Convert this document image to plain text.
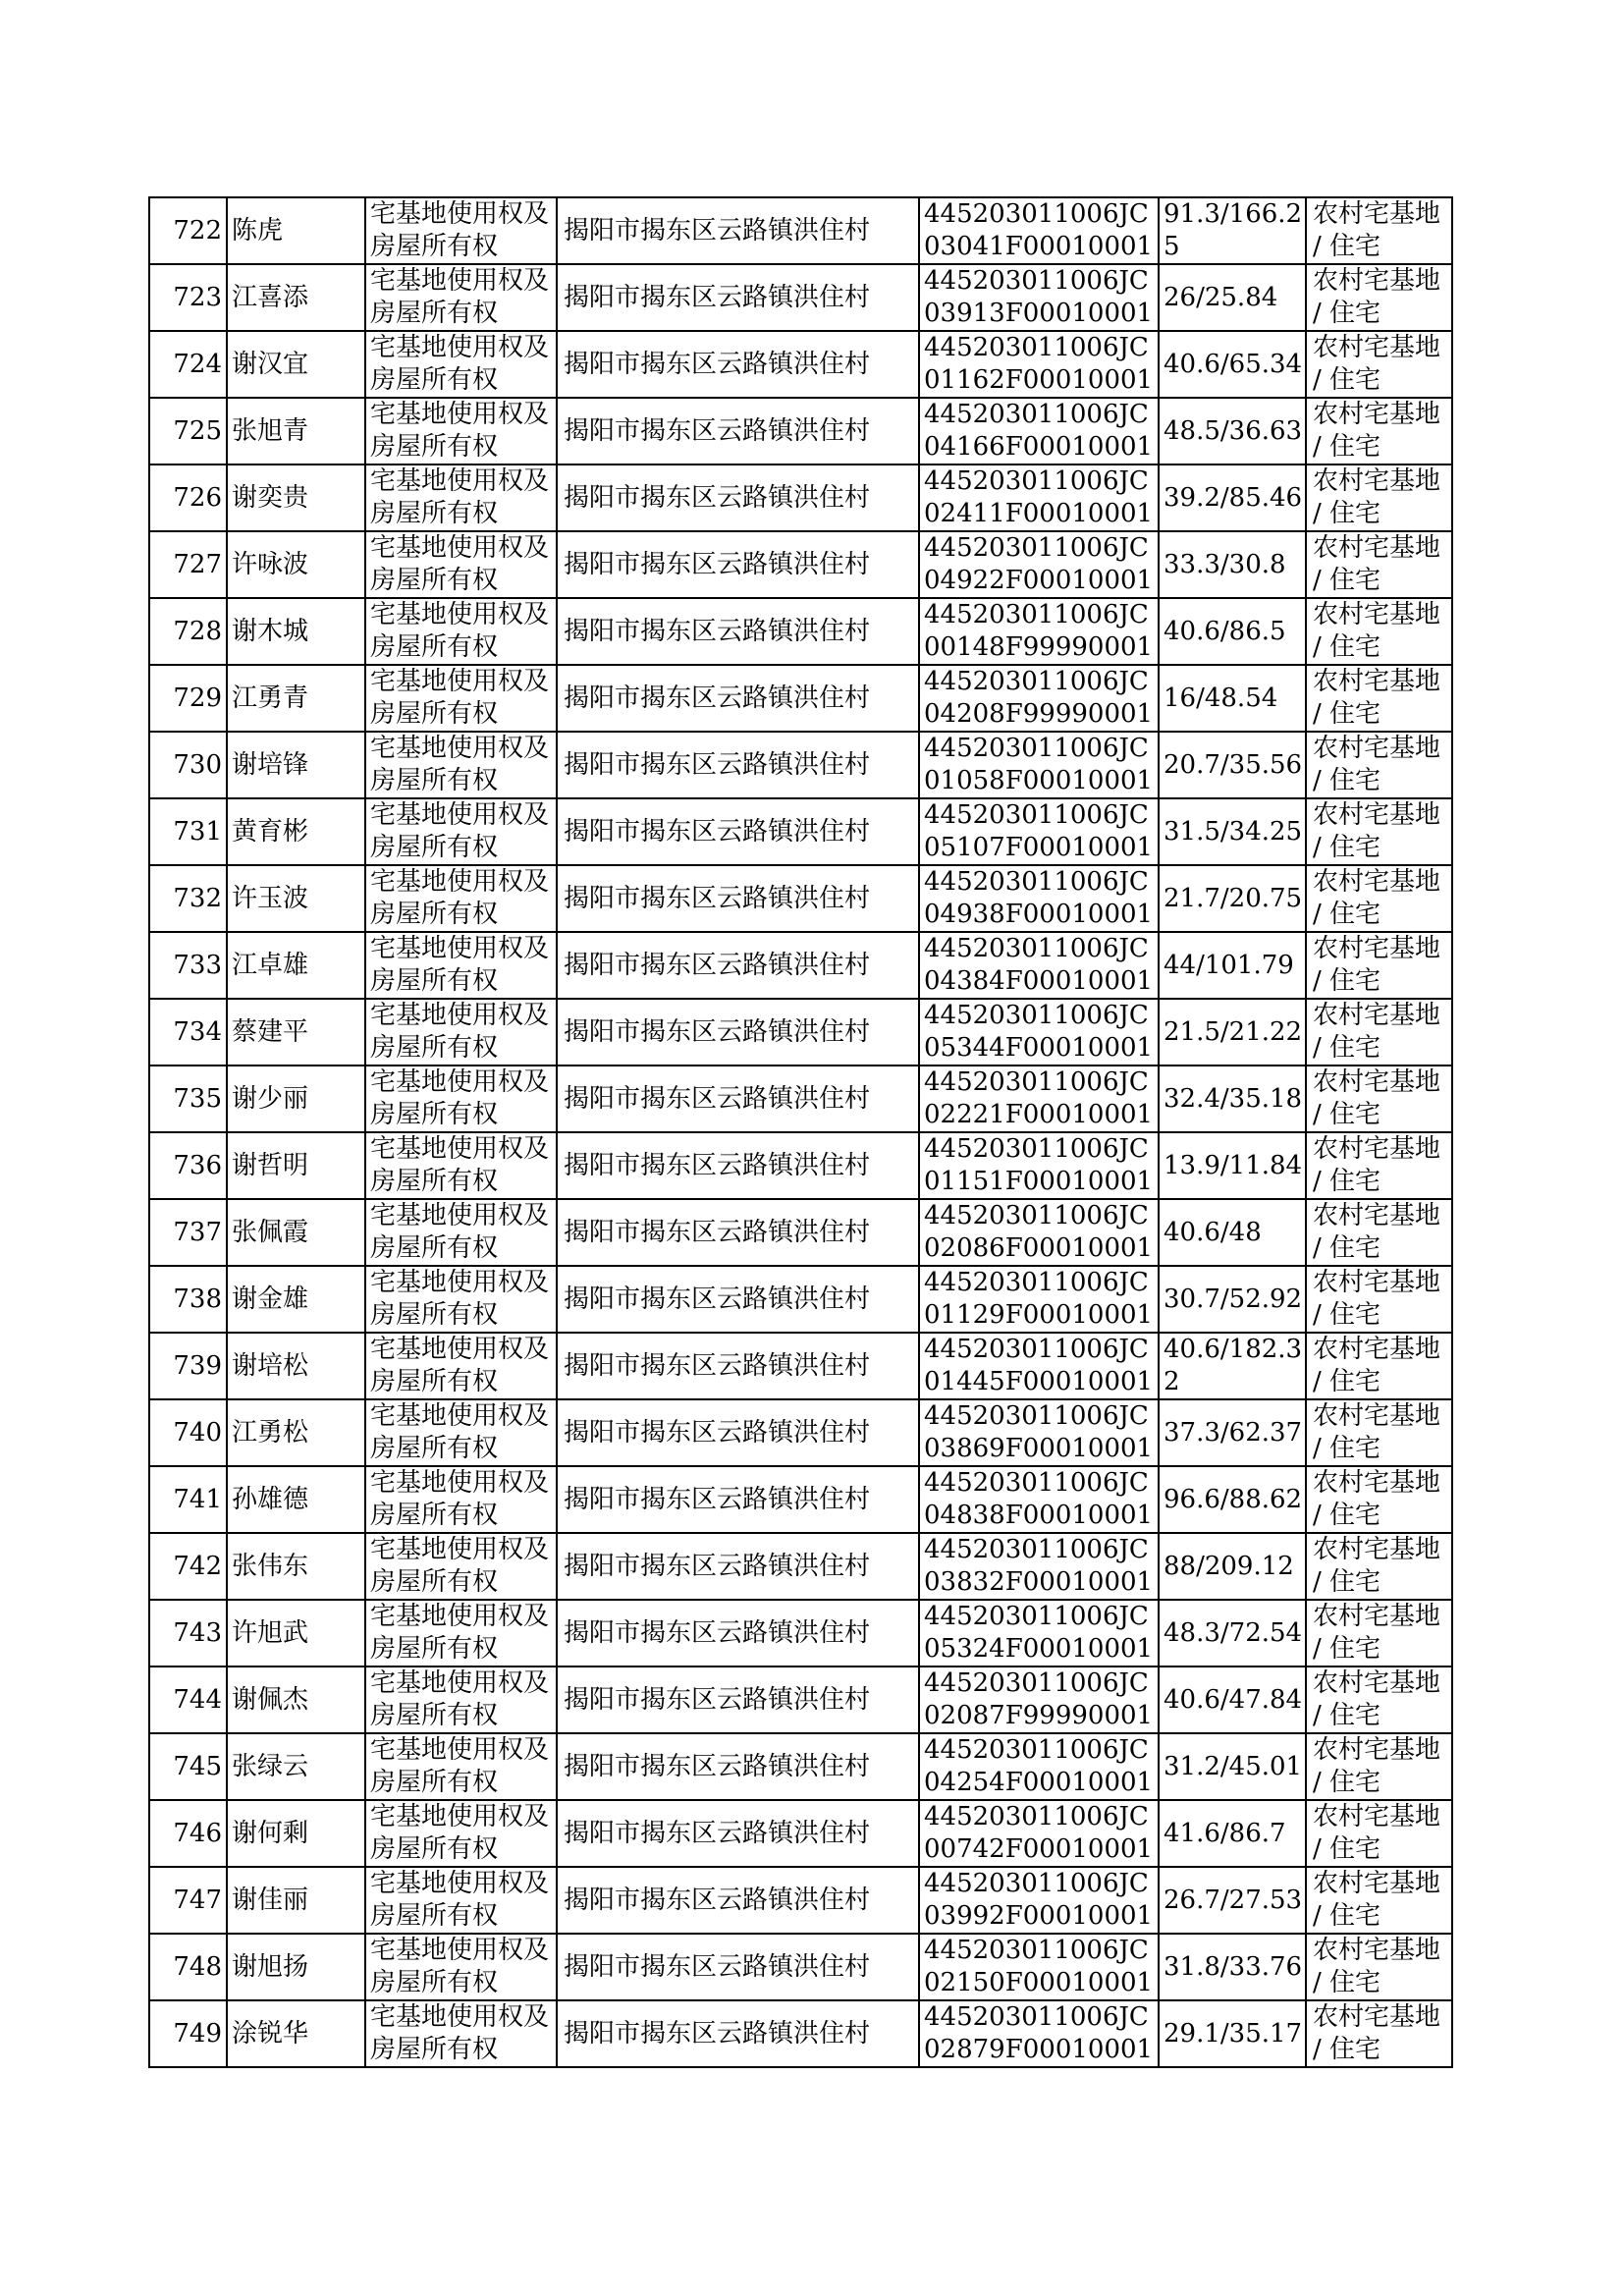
722	陈虎	宅基地使用权及房屋所有权	揭阳市揭东区云路镇洪住村	445203011006JC03041F00010001	91.3/166.25	农村宅基地 / 住宅

723	江喜添	宅基地使用权及房屋所有权	揭阳市揭东区云路镇洪住村	445203011006JC03913F00010001	26/25.84	农村宅基地 / 住宅

724	谢汉宜	宅基地使用权及房屋所有权	揭阳市揭东区云路镇洪住村	445203011006JC01162F00010001	40.6/65.34	农村宅基地 / 住宅

725	张旭青	宅基地使用权及房屋所有权	揭阳市揭东区云路镇洪住村	445203011006JC04166F00010001	48.5/36.63	农村宅基地 / 住宅

726	谢奕贵	宅基地使用权及房屋所有权	揭阳市揭东区云路镇洪住村	445203011006JC02411F00010001	39.2/85.46	农村宅基地 / 住宅

727	许咏波	宅基地使用权及房屋所有权	揭阳市揭东区云路镇洪住村	445203011006JC04922F00010001	33.3/30.8	农村宅基地 / 住宅

728	谢木城	宅基地使用权及房屋所有权	揭阳市揭东区云路镇洪住村	445203011006JC00148F99990001	40.6/86.5	农村宅基地 / 住宅

729	江勇青	宅基地使用权及房屋所有权	揭阳市揭东区云路镇洪住村	445203011006JC04208F99990001	16/48.54	农村宅基地 / 住宅

730	谢培锋	宅基地使用权及房屋所有权	揭阳市揭东区云路镇洪住村	445203011006JC01058F00010001	20.7/35.56	农村宅基地 / 住宅

731	黄育彬	宅基地使用权及房屋所有权	揭阳市揭东区云路镇洪住村	445203011006JC05107F00010001	31.5/34.25	农村宅基地 / 住宅

732	许玉波	宅基地使用权及房屋所有权	揭阳市揭东区云路镇洪住村	445203011006JC04938F00010001	21.7/20.75	农村宅基地 / 住宅

733	江卓雄	宅基地使用权及房屋所有权	揭阳市揭东区云路镇洪住村	445203011006JC04384F00010001	44/101.79	农村宅基地 / 住宅

734	蔡建平	宅基地使用权及房屋所有权	揭阳市揭东区云路镇洪住村	445203011006JC05344F00010001	21.5/21.22	农村宅基地 / 住宅

735	谢少丽	宅基地使用权及房屋所有权	揭阳市揭东区云路镇洪住村	445203011006JC02221F00010001	32.4/35.18	农村宅基地 / 住宅

736	谢哲明	宅基地使用权及房屋所有权	揭阳市揭东区云路镇洪住村	445203011006JC01151F00010001	13.9/11.84	农村宅基地 / 住宅

737	张佩霞	宅基地使用权及房屋所有权	揭阳市揭东区云路镇洪住村	445203011006JC02086F00010001	40.6/48	农村宅基地 / 住宅

738	谢金雄	宅基地使用权及房屋所有权	揭阳市揭东区云路镇洪住村	445203011006JC01129F00010001	30.7/52.92	农村宅基地 / 住宅

739	谢培松	宅基地使用权及房屋所有权	揭阳市揭东区云路镇洪住村	445203011006JC01445F00010001	40.6/182.32	农村宅基地 / 住宅

740	江勇松	宅基地使用权及房屋所有权	揭阳市揭东区云路镇洪住村	445203011006JC03869F00010001	37.3/62.37	农村宅基地 / 住宅

741	孙雄德	宅基地使用权及房屋所有权	揭阳市揭东区云路镇洪住村	445203011006JC04838F00010001	96.6/88.62	农村宅基地 / 住宅

742	张伟东	宅基地使用权及房屋所有权	揭阳市揭东区云路镇洪住村	445203011006JC03832F00010001	88/209.12	农村宅基地 / 住宅

743	许旭武	宅基地使用权及房屋所有权	揭阳市揭东区云路镇洪住村	445203011006JC05324F00010001	48.3/72.54	农村宅基地 / 住宅

744	谢佩杰	宅基地使用权及房屋所有权	揭阳市揭东区云路镇洪住村	445203011006JC02087F99990001	40.6/47.84	农村宅基地 / 住宅

745	张绿云	宅基地使用权及房屋所有权	揭阳市揭东区云路镇洪住村	445203011006JC04254F00010001	31.2/45.01	农村宅基地 / 住宅

746	谢何剩	宅基地使用权及房屋所有权	揭阳市揭东区云路镇洪住村	445203011006JC00742F00010001	41.6/86.7	农村宅基地 / 住宅

747	谢佳丽	宅基地使用权及房屋所有权	揭阳市揭东区云路镇洪住村	445203011006JC03992F00010001	26.7/27.53	农村宅基地 / 住宅

748	谢旭扬	宅基地使用权及房屋所有权	揭阳市揭东区云路镇洪住村	445203011006JC02150F00010001	31.8/33.76	农村宅基地 / 住宅

749	涂锐华	宅基地使用权及房屋所有权	揭阳市揭东区云路镇洪住村	445203011006JC02879F00010001	29.1/35.17	农村宅基地 / 住宅
